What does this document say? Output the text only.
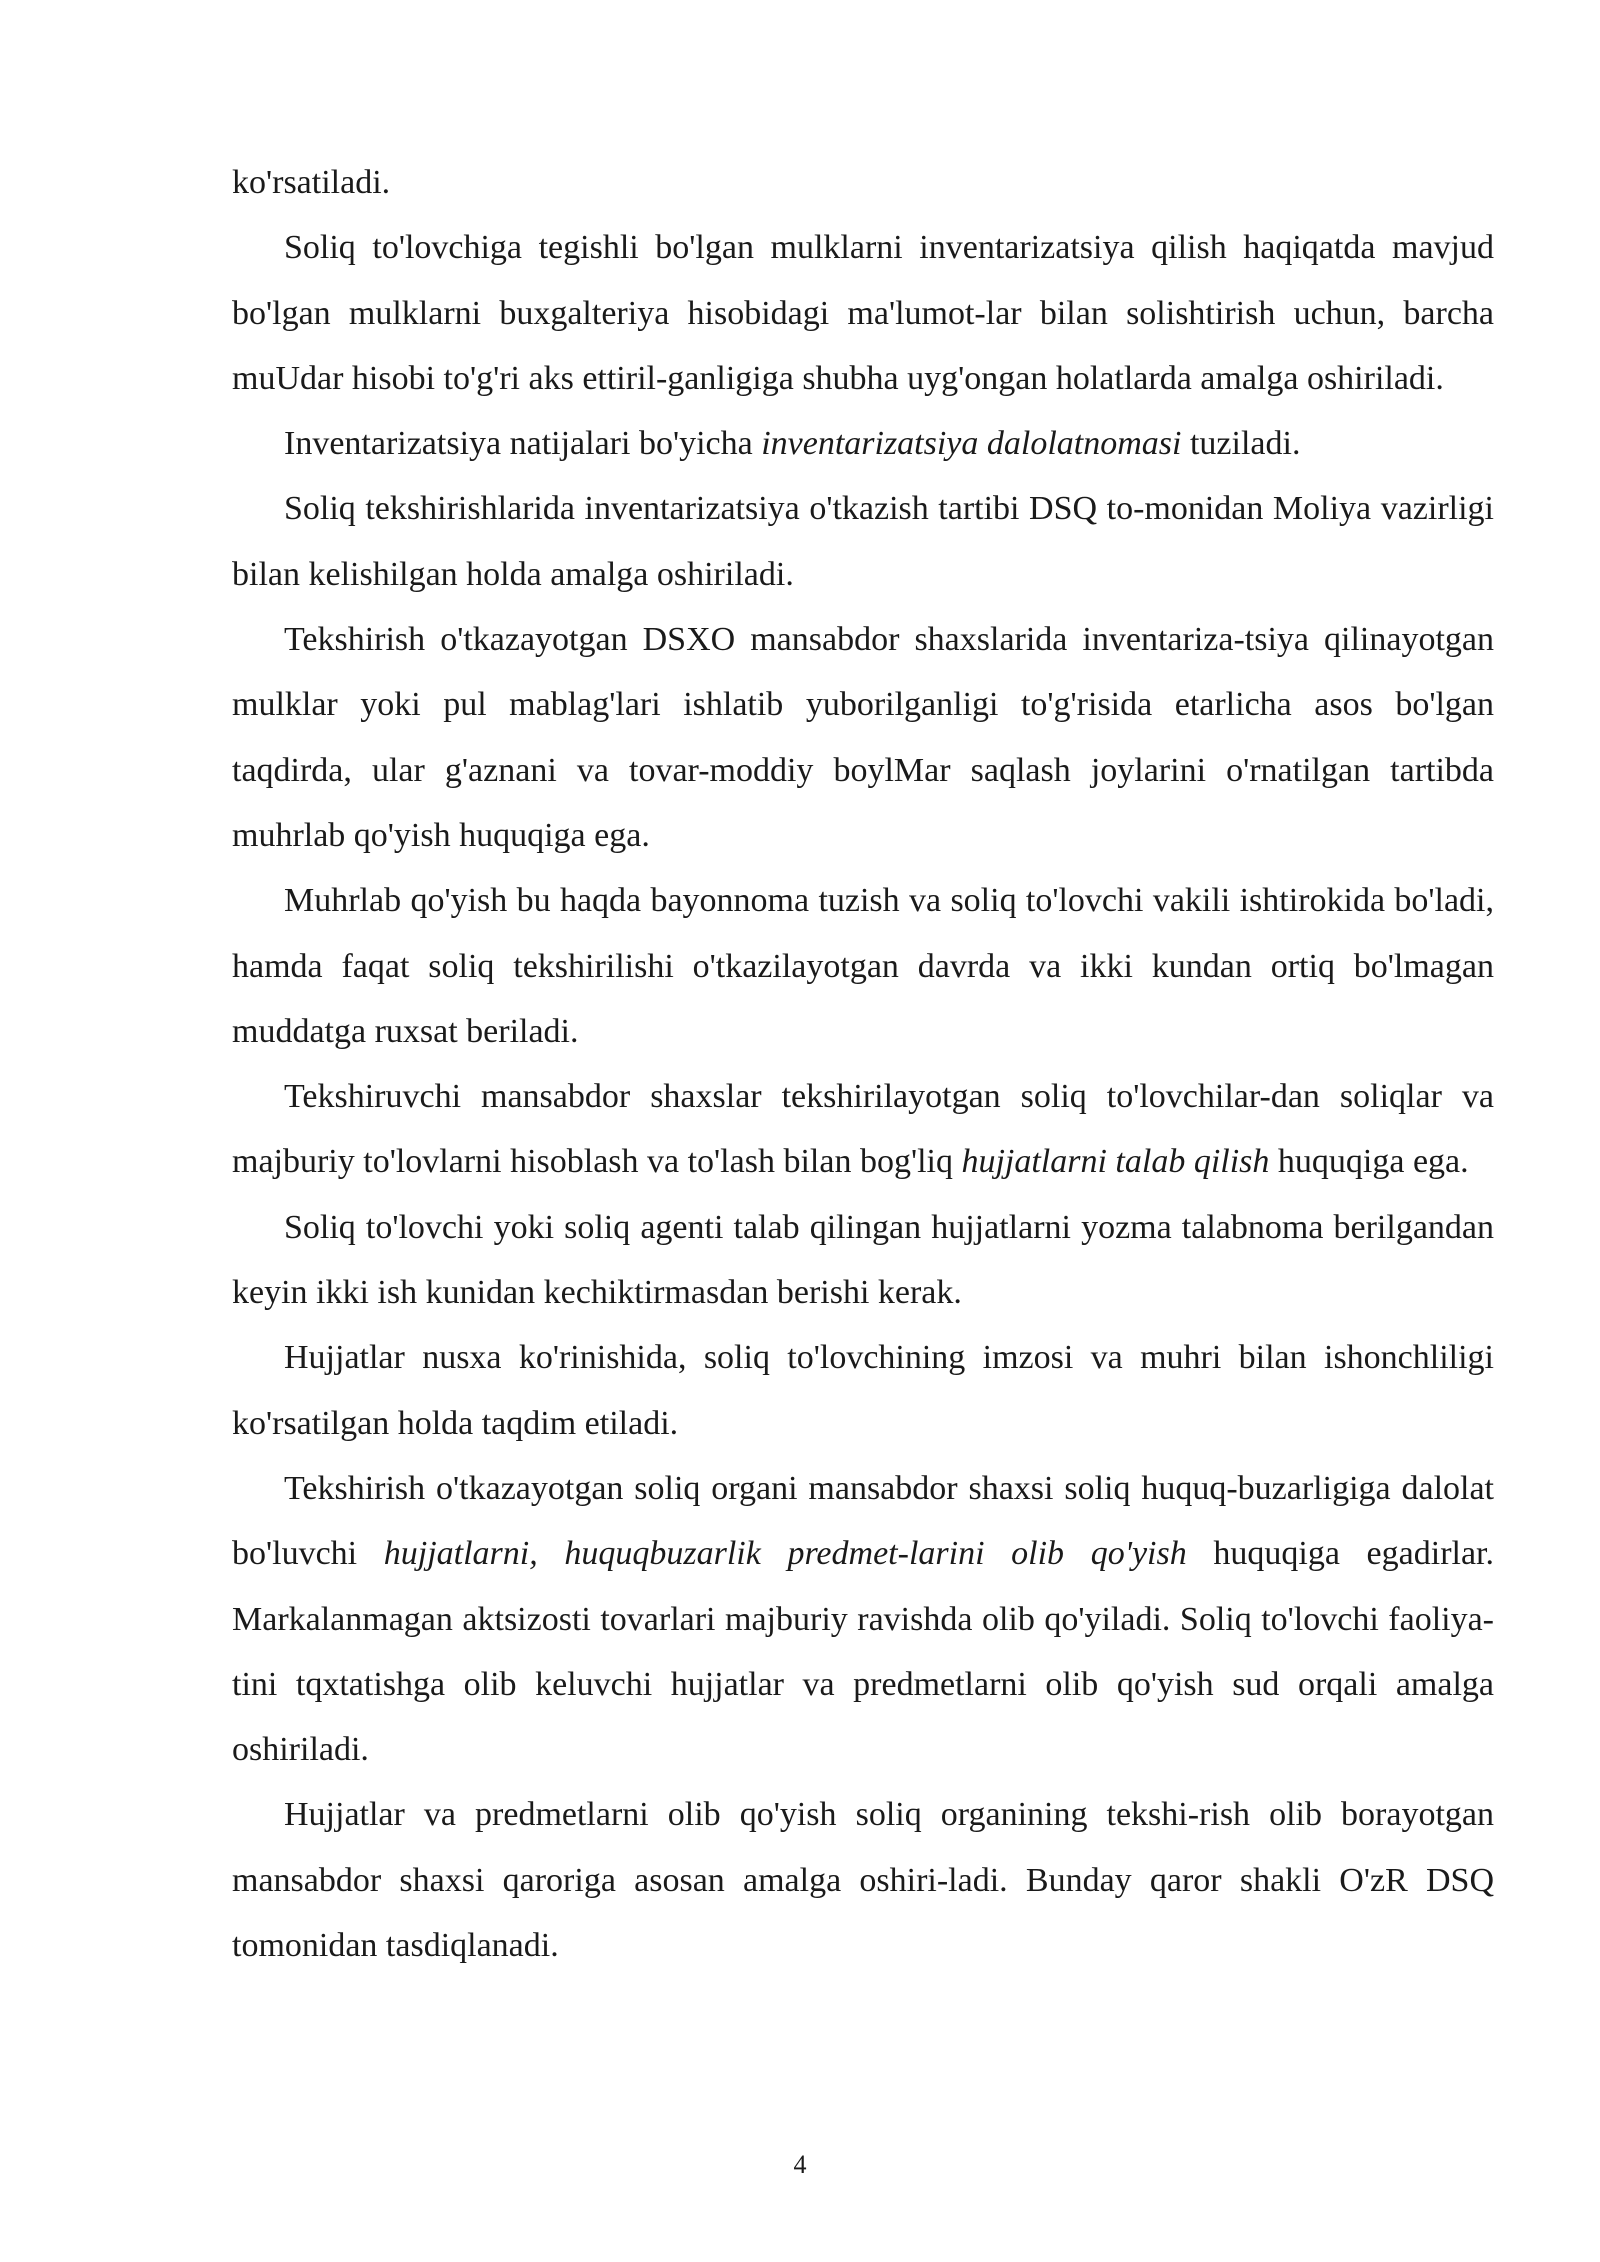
ko'rsatiladi.

Soliq to'lovchiga tegishli bo'lgan mulklarni inventarizatsiya qilish haqiqatda mavjud bo'lgan mulklarni buxgalteriya hisobidagi ma'lumot-lar bilan solishtirish uchun, barcha muUdar hisobi to'g'ri aks ettiril-ganligiga shubha uyg'ongan holatlarda amalga oshiriladi.

Inventarizatsiya natijalari bo'yicha inventarizatsiya dalolatnomasi tuziladi.

Soliq tekshirishlarida inventarizatsiya o'tkazish tartibi DSQ to-monidan Moliya vazirligi bilan kelishilgan holda amalga oshiriladi.

Tekshirish o'tkazayotgan DSXO mansabdor shaxslarida inventariza-tsiya qilinayotgan mulklar yoki pul mablag'lari ishlatib yuborilganligi to'g'risida etarlicha asos bo'lgan taqdirda, ular g'aznani va tovar-moddiy boylMar saqlash joylarini o'rnatilgan tartibda muhrlab qo'yish huquqiga ega.

Muhrlab qo'yish bu haqda bayonnoma tuzish va soliq to'lovchi vakili ishtirokida bo'ladi, hamda faqat soliq tekshirilishi o'tkazilayotgan davrda va ikki kundan ortiq bo'lmagan muddatga ruxsat beriladi.

Tekshiruvchi mansabdor shaxslar tekshirilayotgan soliq to'lovchilar-dan soliqlar va majburiy to'lovlarni hisoblash va to'lash bilan bog'liq hujjatlarni talab qilish huquqiga ega.

Soliq to'lovchi yoki soliq agenti talab qilingan hujjatlarni yozma talabnoma berilgandan keyin ikki ish kunidan kechiktirmasdan berishi kerak.

Hujjatlar nusxa ko'rinishida, soliq to'lovchining imzosi va muhri bilan ishonchliligi ko'rsatilgan holda taqdim etiladi.

Tekshirish o'tkazayotgan soliq organi mansabdor shaxsi soliq huquq-buzarligiga dalolat bo'luvchi hujjatlarni, huquqbuzarlik predmet-larini olib qo'yish huquqiga egadirlar. Markalanmagan aktsizosti tovarlari majburiy ravishda olib qo'yiladi. Soliq to'lovchi faoliya-tini tqxtatishga olib keluvchi hujjatlar va predmetlarni olib qo'yish sud orqali amalga oshiriladi.

Hujjatlar va predmetlarni olib qo'yish soliq organining tekshi-rish olib borayotgan mansabdor shaxsi qaroriga asosan amalga oshiri-ladi. Bunday qaror shakli O'zR DSQ tomonidan tasdiqlanadi.

4
